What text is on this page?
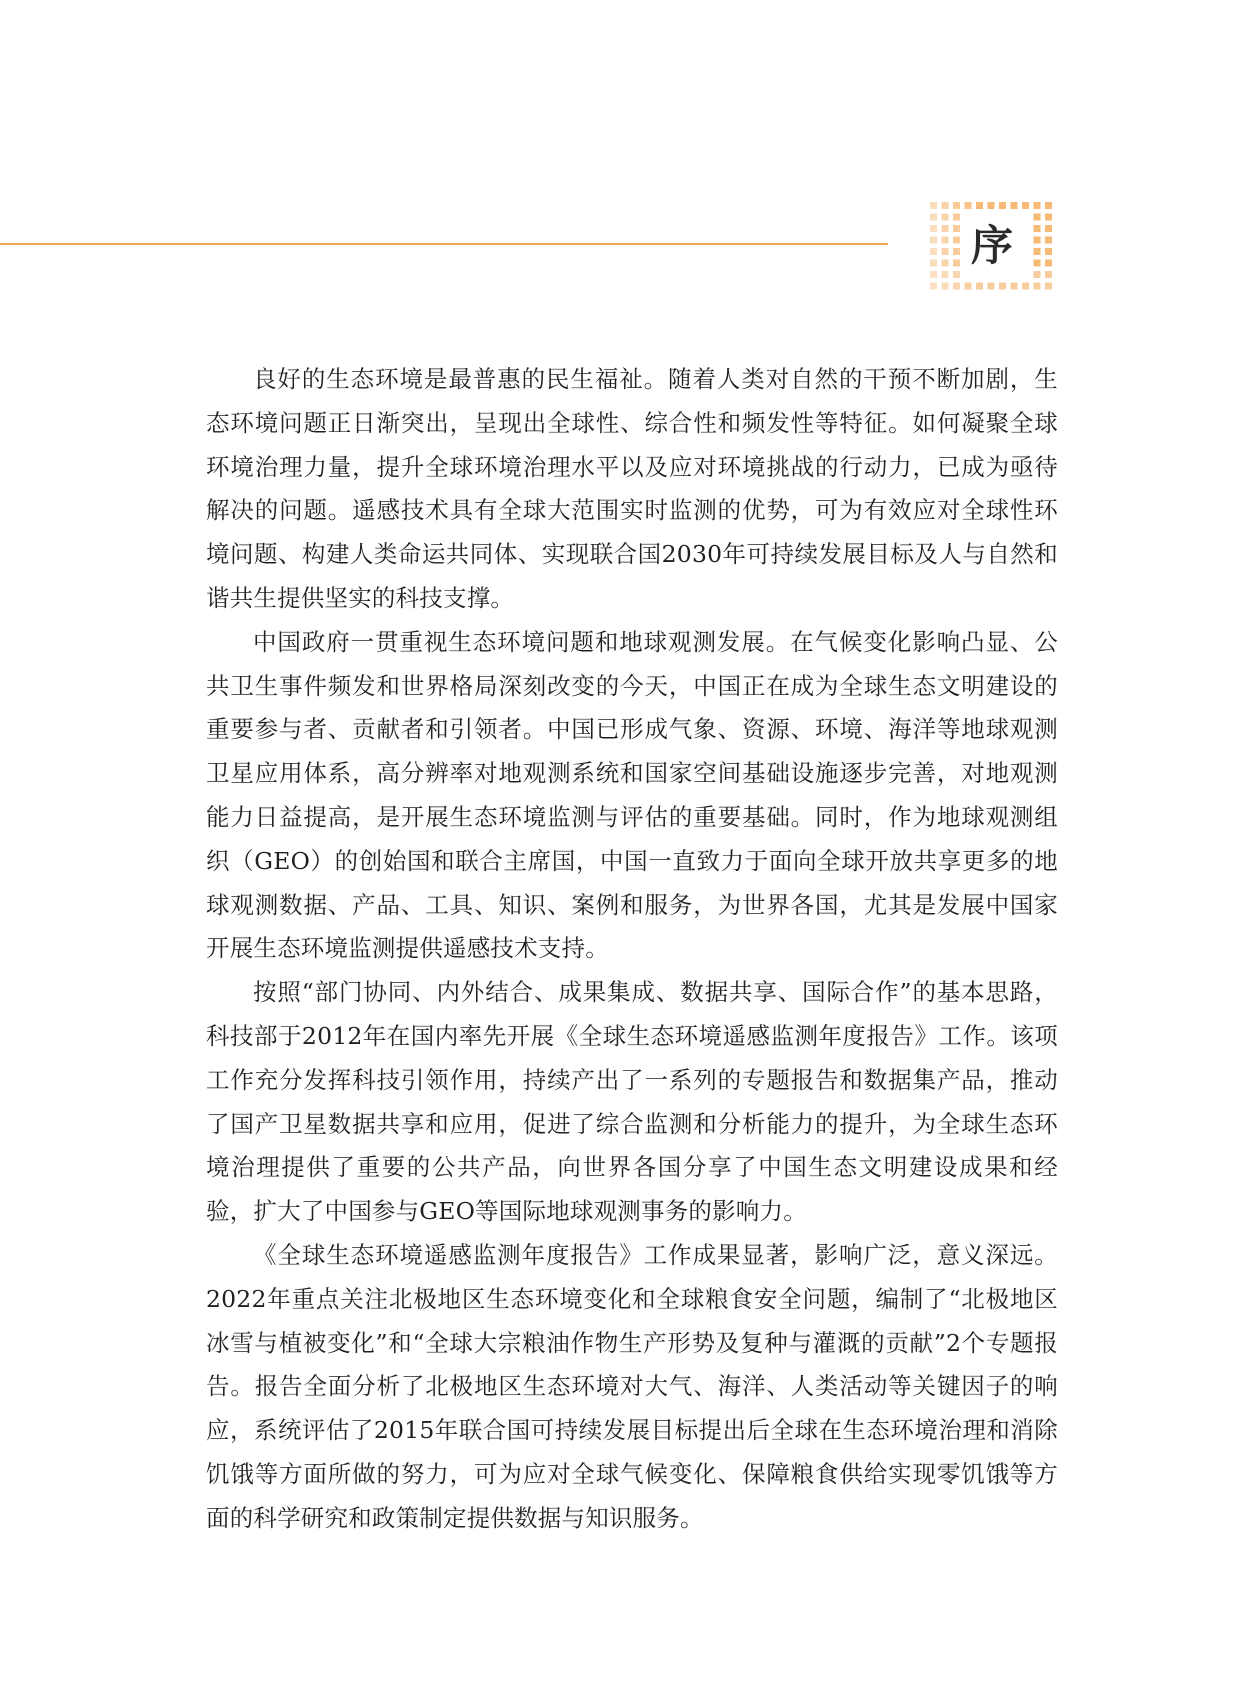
序

良好的生态环境是最普惠的民生福祉。随着人类对自然的干预不断加剧，生态环境问题正日渐突出，呈现出全球性、综合性和频发性等特征。如何凝聚全球环境治理力量，提升全球环境治理水平以及应对环境挑战的行动力，已成为亟待解决的问题。遥感技术具有全球大范围实时监测的优势，可为有效应对全球性环境问题、构建人类命运共同体、实现联合国2030年可持续发展目标及人与自然和谐共生提供坚实的科技支撑。

中国政府一贯重视生态环境问题和地球观测发展。在气候变化影响凸显、公共卫生事件频发和世界格局深刻改变的今天，中国正在成为全球生态文明建设的重要参与者、贡献者和引领者。中国已形成气象、资源、环境、海洋等地球观测卫星应用体系，高分辨率对地观测系统和国家空间基础设施逐步完善，对地观测能力日益提高，是开展生态环境监测与评估的重要基础。同时，作为地球观测组织（GEO）的创始国和联合主席国，中国一直致力于面向全球开放共享更多的地球观测数据、产品、工具、知识、案例和服务，为世界各国，尤其是发展中国家开展生态环境监测提供遥感技术支持。

按照“部门协同、内外结合、成果集成、数据共享、国际合作”的基本思路，科技部于2012年在国内率先开展《全球生态环境遥感监测年度报告》工作。该项工作充分发挥科技引领作用，持续产出了一系列的专题报告和数据集产品，推动了国产卫星数据共享和应用，促进了综合监测和分析能力的提升，为全球生态环境治理提供了重要的公共产品，向世界各国分享了中国生态文明建设成果和经验，扩大了中国参与GEO等国际地球观测事务的影响力。

《全球生态环境遥感监测年度报告》工作成果显著，影响广泛，意义深远。2022年重点关注北极地区生态环境变化和全球粮食安全问题，编制了“北极地区冰雪与植被变化”和“全球大宗粮油作物生产形势及复种与灌溉的贡献”2个专题报告。报告全面分析了北极地区生态环境对大气、海洋、人类活动等关键因子的响应，系统评估了2015年联合国可持续发展目标提出后全球在生态环境治理和消除饥饿等方面所做的努力，可为应对全球气候变化、保障粮食供给实现零饥饿等方面的科学研究和政策制定提供数据与知识服务。
